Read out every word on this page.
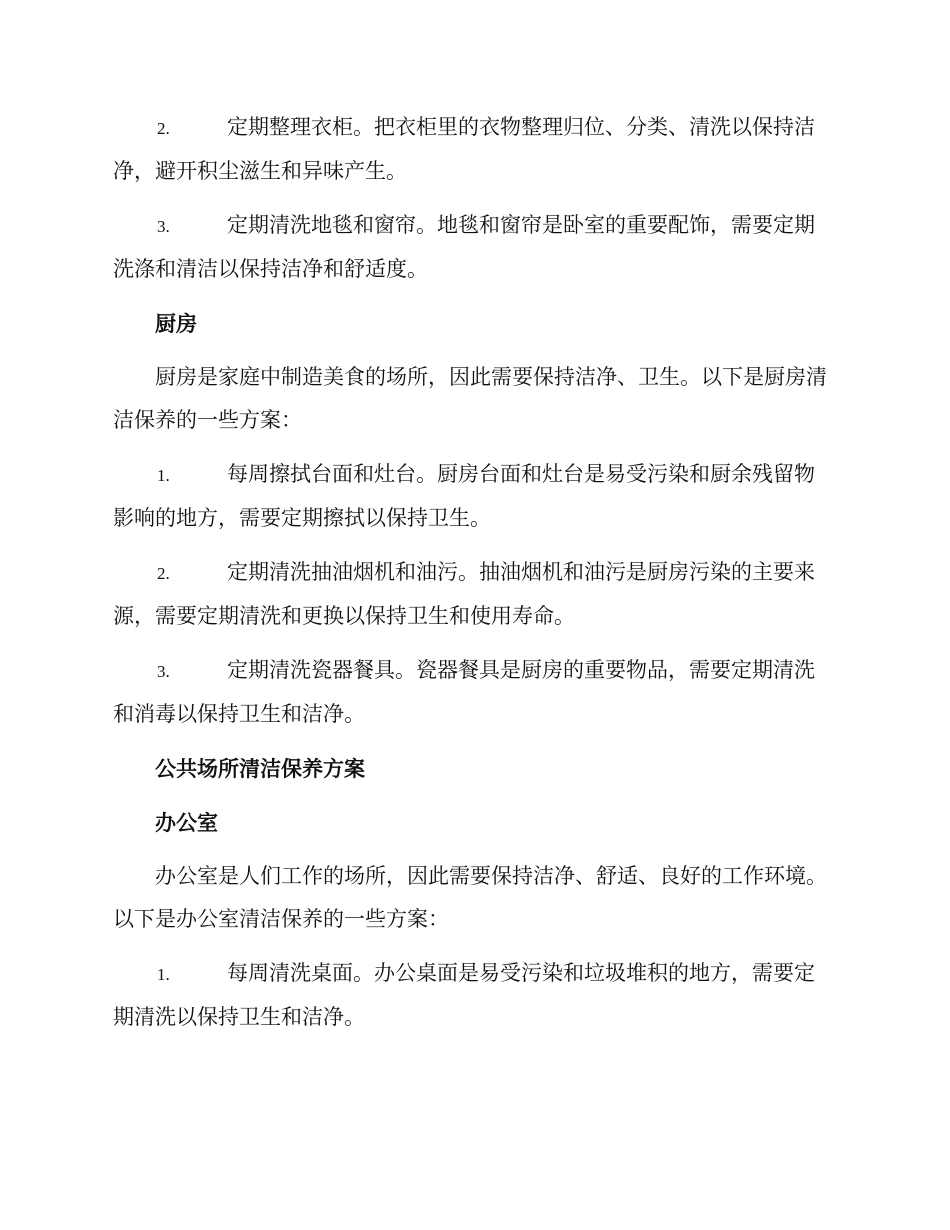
2.	定期整理衣柜。把衣柜里的衣物整理归位、分类、清洗以保持洁净，避开积尘滋生和异味产生。

3.	定期清洗地毯和窗帘。地毯和窗帘是卧室的重要配饰，需要定期洗涤和清洁以保持洁净和舒适度。

厨房

厨房是家庭中制造美食的场所，因此需要保持洁净、卫生。以下是厨房清洁保养的一些方案：

1.	每周擦拭台面和灶台。厨房台面和灶台是易受污染和厨余残留物影响的地方，需要定期擦拭以保持卫生。

2.	定期清洗抽油烟机和油污。抽油烟机和油污是厨房污染的主要来源，需要定期清洗和更换以保持卫生和使用寿命。

3.	定期清洗瓷器餐具。瓷器餐具是厨房的重要物品，需要定期清洗和消毒以保持卫生和洁净。

公共场所清洁保养方案
办公室

办公室是人们工作的场所，因此需要保持洁净、舒适、良好的工作环境。以下是办公室清洁保养的一些方案：

1.	每周清洗桌面。办公桌面是易受污染和垃圾堆积的地方，需要定期清洗以保持卫生和洁净。
